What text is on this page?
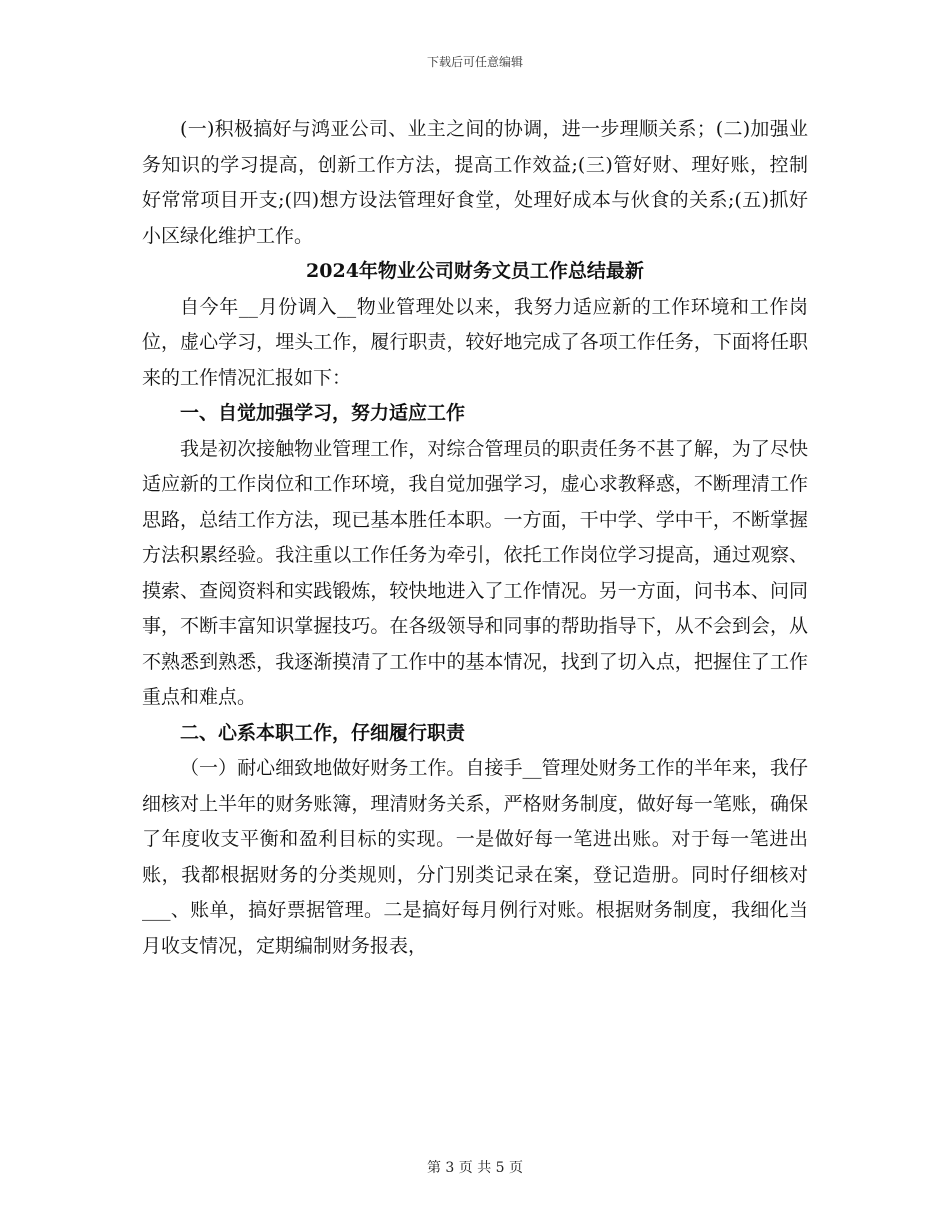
下载后可任意编辑

(一)积极搞好与鸿亚公司、业主之间的协调，进一步理顺关系；(二)加强业务知识的学习提高，创新工作方法，提高工作效益;(三)管好财、理好账，控制好常常项目开支;(四)想方设法管理好食堂，处理好成本与伙食的关系;(五)抓好小区绿化维护工作。

2024年物业公司财务文员工作总结最新

自今年__月份调入__物业管理处以来，我努力适应新的工作环境和工作岗位，虚心学习，埋头工作，履行职责，较好地完成了各项工作任务，下面将任职来的工作情况汇报如下：

一、自觉加强学习，努力适应工作

我是初次接触物业管理工作，对综合管理员的职责任务不甚了解，为了尽快适应新的工作岗位和工作环境，我自觉加强学习，虚心求教释惑，不断理清工作思路，总结工作方法，现已基本胜任本职。一方面，干中学、学中干，不断掌握方法积累经验。我注重以工作任务为牵引，依托工作岗位学习提高，通过观察、摸索、查阅资料和实践锻炼，较快地进入了工作情况。另一方面，问书本、问同事，不断丰富知识掌握技巧。在各级领导和同事的帮助指导下，从不会到会，从不熟悉到熟悉，我逐渐摸清了工作中的基本情况，找到了切入点，把握住了工作重点和难点。

二、心系本职工作，仔细履行职责

（一）耐心细致地做好财务工作。自接手__管理处财务工作的半年来，我仔细核对上半年的财务账簿，理清财务关系，严格财务制度，做好每一笔账，确保了年度收支平衡和盈利目标的实现。一是做好每一笔进出账。对于每一笔进出账，我都根据财务的分类规则，分门别类记录在案，登记造册。同时仔细核对___、账单，搞好票据管理。二是搞好每月例行对账。根据财务制度，我细化当月收支情况，定期编制财务报表，

第 3 页 共 5 页
